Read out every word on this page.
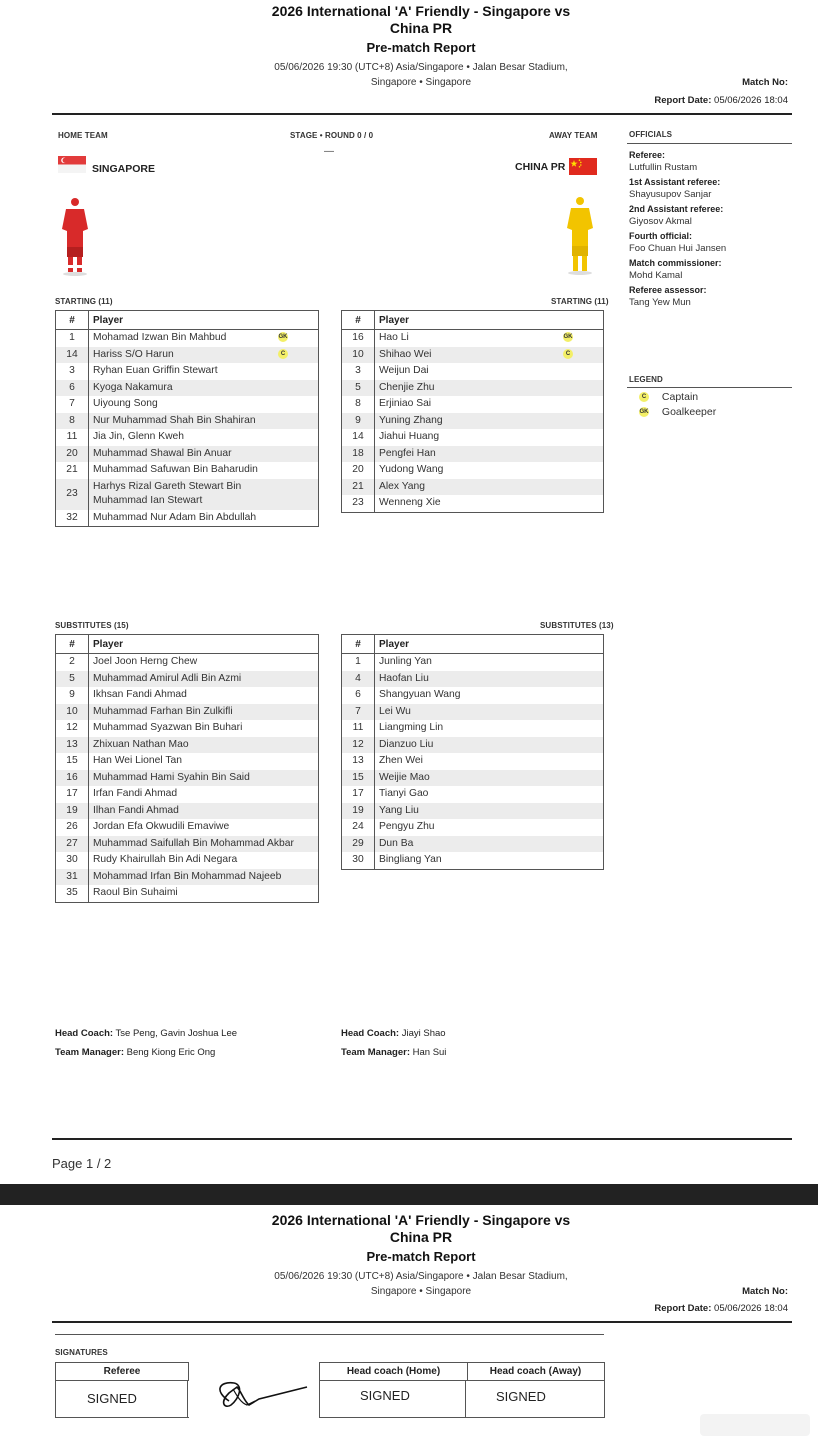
2026 International 'A' Friendly - Singapore vs
China PR
Pre-match Report
05/06/2026 19:30 (UTC+8) Asia/Singapore • Jalan Besar Stadium,
Singapore • Singapore	Match No:
Report Date: 05/06/2026 18:04
HOME TEAM	STAGE • ROUND 0 / 0
—
AWAY TEAM
SINGAPORE	CHINA PR
OFFICIALS
Referee:
Lutfullin Rustam
1st Assistant referee:
Shayusupov Sanjar
2nd Assistant referee:
Giyosov Akmal
Fourth official:
Foo Chuan Hui Jansen
Match commissioner:
Mohd Kamal
Referee assessor:
Tang Yew Mun
LEGEND
C Captain
GK Goalkeeper
STARTING (11)	STARTING (11)
#	Player	
1	Mohamad Izwan Bin Mahbud	GK
14	Hariss S/O Harun	C
3	Ryhan Euan Griffin Stewart	
6	Kyoga Nakamura	
7	Uiyoung Song	
8	Nur Muhammad Shah Bin Shahiran	
11	Jia Jin, Glenn Kweh	
20	Muhammad Shawal Bin Anuar	
21	Muhammad Safuwan Bin Baharudin	
23	Harhys Rizal Gareth Stewart Bin Muhammad Ian Stewart	
32	Muhammad Nur Adam Bin Abdullah	
#	Player	
16	Hao Li	GK
10	Shihao Wei	C
3	Weijun Dai	
5	Chenjie Zhu	
8	Erjiniao Sai	
9	Yuning Zhang	
14	Jiahui Huang	
18	Pengfei Han	
20	Yudong Wang	
21	Alex Yang	
23	Wenneng Xie	
SUBSTITUTES (15)	SUBSTITUTES (13)
#	Player
2	Joel Joon Herng Chew
5	Muhammad Amirul Adli Bin Azmi
9	Ikhsan Fandi Ahmad
10	Muhammad Farhan Bin Zulkifli
12	Muhammad Syazwan Bin Buhari
13	Zhixuan Nathan Mao
15	Han Wei Lionel Tan
16	Muhammad Hami Syahin Bin Said
17	Irfan Fandi Ahmad
19	Ilhan Fandi Ahmad
26	Jordan Efa Okwudili Emaviwe
27	Muhammad Saifullah Bin Mohammad Akbar
30	Rudy Khairullah Bin Adi Negara
31	Mohammad Irfan Bin Mohammad Najeeb
35	Raoul Bin Suhaimi
#	Player
1	Junling Yan
4	Haofan Liu
6	Shangyuan Wang
7	Lei Wu
11	Liangming Lin
12	Dianzuo Liu
13	Zhen Wei
15	Weijie Mao
17	Tianyi Gao
19	Yang Liu
24	Pengyu Zhu
29	Dun Ba
30	Bingliang Yan
Head Coach: Tse Peng, Gavin Joshua Lee
Team Manager: Beng Kiong Eric Ong
Head Coach: Jiayi Shao
Team Manager: Han Sui
Page 1 / 2
2026 International 'A' Friendly - Singapore vs
China PR
Pre-match Report
05/06/2026 19:30 (UTC+8) Asia/Singapore • Jalan Besar Stadium,
Singapore • Singapore	Match No:
Report Date: 05/06/2026 18:04
SIGNATURES
Referee
SIGNED
Head coach (Home)
SIGNED
Head coach (Away)
SIGNED
